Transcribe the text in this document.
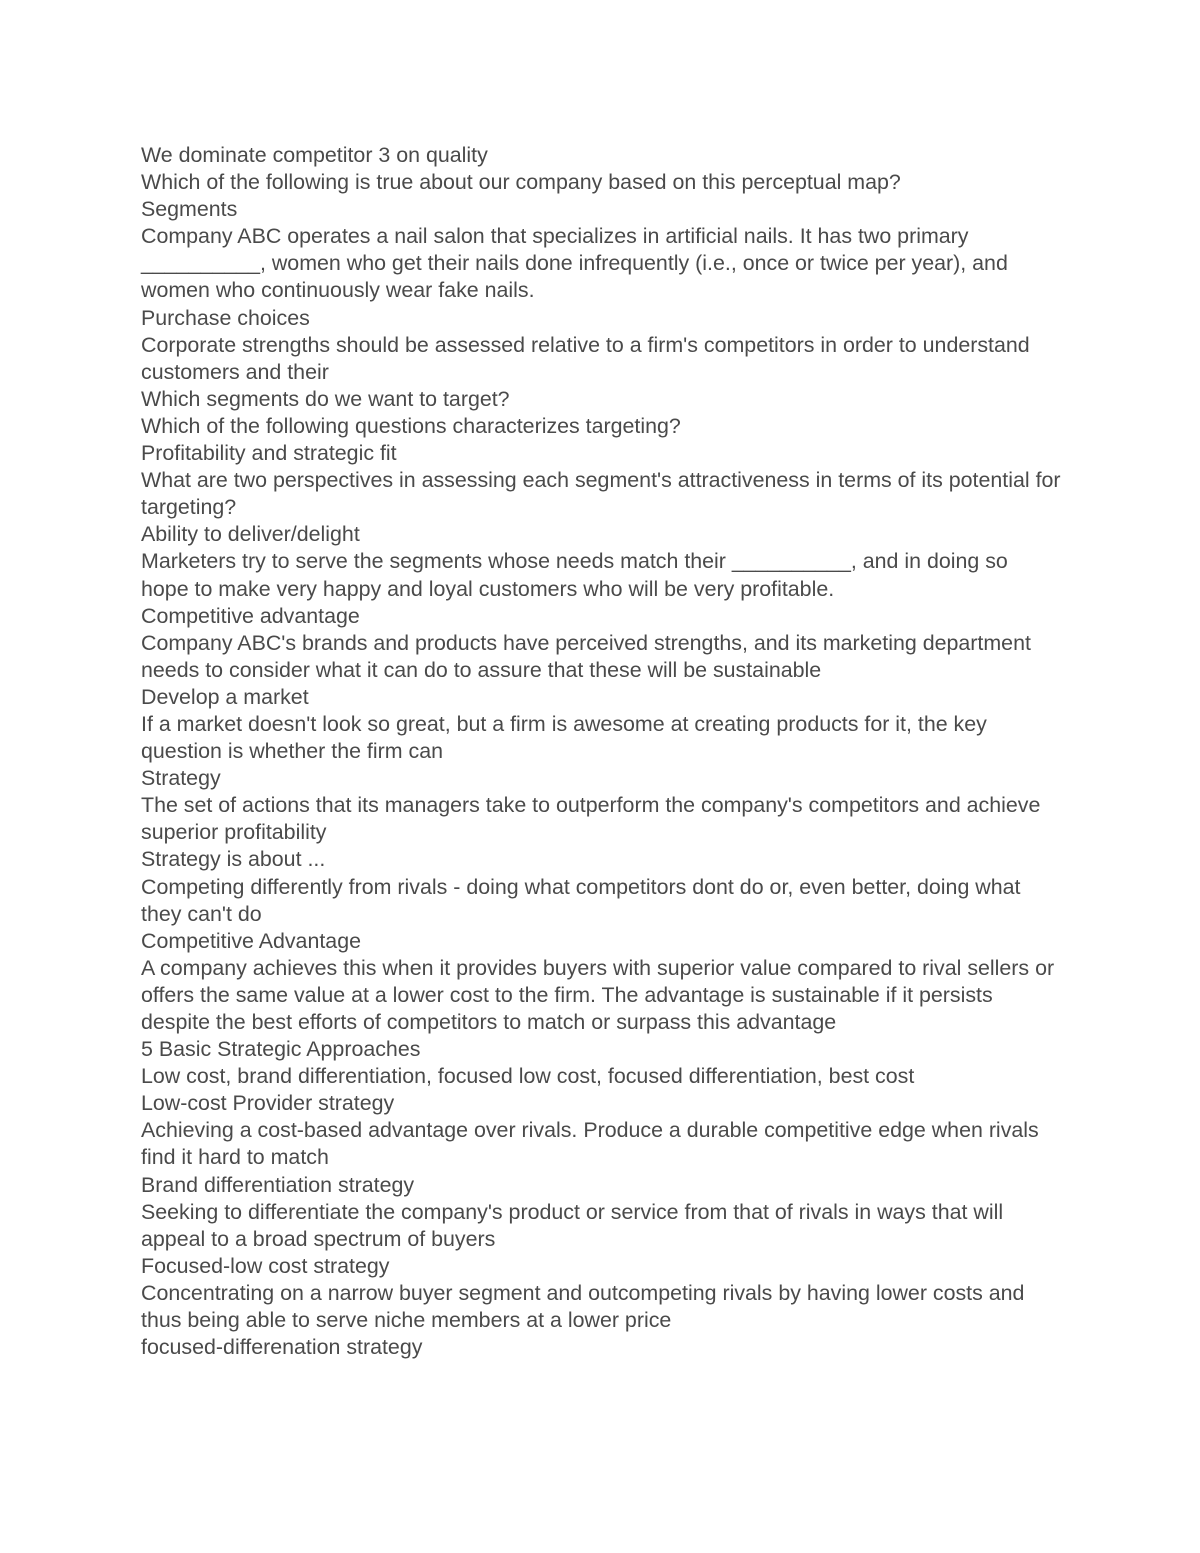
We dominate competitor 3 on quality

Which of the following is true about our company based on this perceptual map?

Segments

Company ABC operates a nail salon that specializes in artificial nails. It has two primary __________, women who get their nails done infrequently (i.e., once or twice per year), and women who continuously wear fake nails.

Purchase choices

Corporate strengths should be assessed relative to a firm's competitors in order to understand customers and their

Which segments do we want to target?

Which of the following questions characterizes targeting?

Profitability and strategic fit

What are two perspectives in assessing each segment's attractiveness in terms of its potential for targeting?

Ability to deliver/delight

Marketers try to serve the segments whose needs match their __________, and in doing so hope to make very happy and loyal customers who will be very profitable.

Competitive advantage

Company ABC's brands and products have perceived strengths, and its marketing department needs to consider what it can do to assure that these will be sustainable

Develop a market

If a market doesn't look so great, but a firm is awesome at creating products for it, the key question is whether the firm can

Strategy

The set of actions that its managers take to outperform the company's competitors and achieve superior profitability

Strategy is about ...

Competing differently from rivals - doing what competitors dont do or, even better, doing what they can't do

Competitive Advantage

A company achieves this when it provides buyers with superior value compared to rival sellers or offers the same value at a lower cost to the firm. The advantage is sustainable if it persists despite the best efforts of competitors to match or surpass this advantage

5 Basic Strategic Approaches

Low cost, brand differentiation, focused low cost, focused differentiation, best cost

Low-cost Provider strategy

Achieving a cost-based advantage over rivals. Produce a durable competitive edge when rivals find it hard to match

Brand differentiation strategy

Seeking to differentiate the company's product or service from that of rivals in ways that will appeal to a broad spectrum of buyers

Focused-low cost strategy

Concentrating on a narrow buyer segment and outcompeting rivals by having lower costs and thus being able to serve niche members at a lower price

focused-differenation strategy
